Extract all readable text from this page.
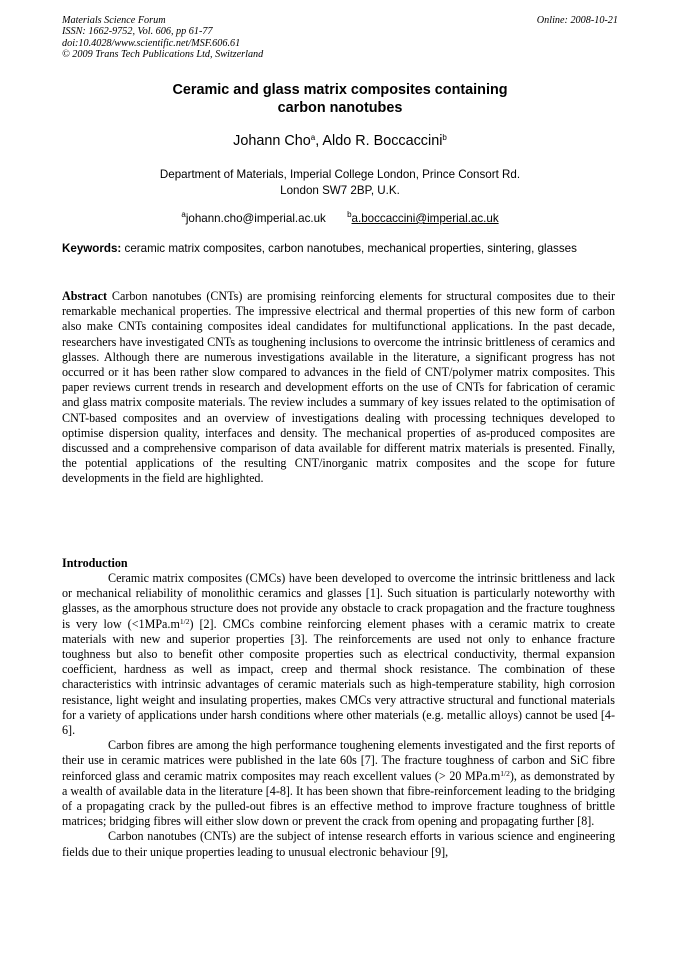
Materials Science Forum
ISSN: 1662-9752, Vol. 606, pp 61-77
doi:10.4028/www.scientific.net/MSF.606.61
© 2009 Trans Tech Publications Ltd, Switzerland
Online: 2008-10-21
Ceramic and glass matrix composites containing
carbon nanotubes
Johann Cho$^a$, Aldo R. Boccaccini$^b$
Department of Materials, Imperial College London, Prince Consort Rd.
London SW7 2BP, U.K.
$^a$johann.cho@imperial.ac.uk	$^b$a.boccaccini@imperial.ac.uk
Keywords: ceramic matrix composites, carbon nanotubes, mechanical properties, sintering, glasses
Abstract Carbon nanotubes (CNTs) are promising reinforcing elements for structural composites due to their remarkable mechanical properties. The impressive electrical and thermal properties of this new form of carbon also make CNTs containing composites ideal candidates for multifunctional applications. In the past decade, researchers have investigated CNTs as toughening inclusions to overcome the intrinsic brittleness of ceramics and glasses. Although there are numerous investigations available in the literature, a significant progress has not occurred or it has been rather slow compared to advances in the field of CNT/polymer matrix composites. This paper reviews current trends in research and development efforts on the use of CNTs for fabrication of ceramic and glass matrix composite materials. The review includes a summary of key issues related to the optimisation of CNT-based composites and an overview of investigations dealing with processing techniques developed to optimise dispersion quality, interfaces and density. The mechanical properties of as-produced composites are discussed and a comprehensive comparison of data available for different matrix materials is presented. Finally, the potential applications of the resulting CNT/inorganic matrix composites and the scope for future developments in the field are highlighted.
Introduction

Ceramic matrix composites (CMCs) have been developed to overcome the intrinsic brittleness and lack or mechanical reliability of monolithic ceramics and glasses [1]. Such situation is particularly noteworthy with glasses, as the amorphous structure does not provide any obstacle to crack propagation and the fracture toughness is very low $(<1MPa.m^{1/2})$ [2]. CMCs combine reinforcing element phases with a ceramic matrix to create materials with new and superior properties [3]. The reinforcements are used not only to enhance fracture toughness but also to benefit other composite properties such as electrical conductivity, thermal expansion coefficient, hardness as well as impact, creep and thermal shock resistance. The combination of these characteristics with intrinsic advantages of ceramic materials such as high-temperature stability, high corrosion resistance, light weight and insulating properties, makes CMCs very attractive structural and functional materials for a variety of applications under harsh conditions where other materials (e.g. metallic alloys) cannot be used [4-6].

Carbon fibres are among the high performance toughening elements investigated and the first reports of their use in ceramic matrices were published in the late 60s [7]. The fracture toughness of carbon and SiC fibre reinforced glass and ceramic matrix composites may reach excellent values (> 20 $MPa.m^{1/2}$), as demonstrated by a wealth of available data in the literature [4-8]. It has been shown that fibre-reinforcement leading to the bridging of a propagating crack by the pulled-out fibres is an effective method to improve fracture toughness of brittle matrices; bridging fibres will either slow down or prevent the crack from opening and propagating further [8].

Carbon nanotubes (CNTs) are the subject of intense research efforts in various science and engineering fields due to their unique properties leading to unusual electronic behaviour [9],
